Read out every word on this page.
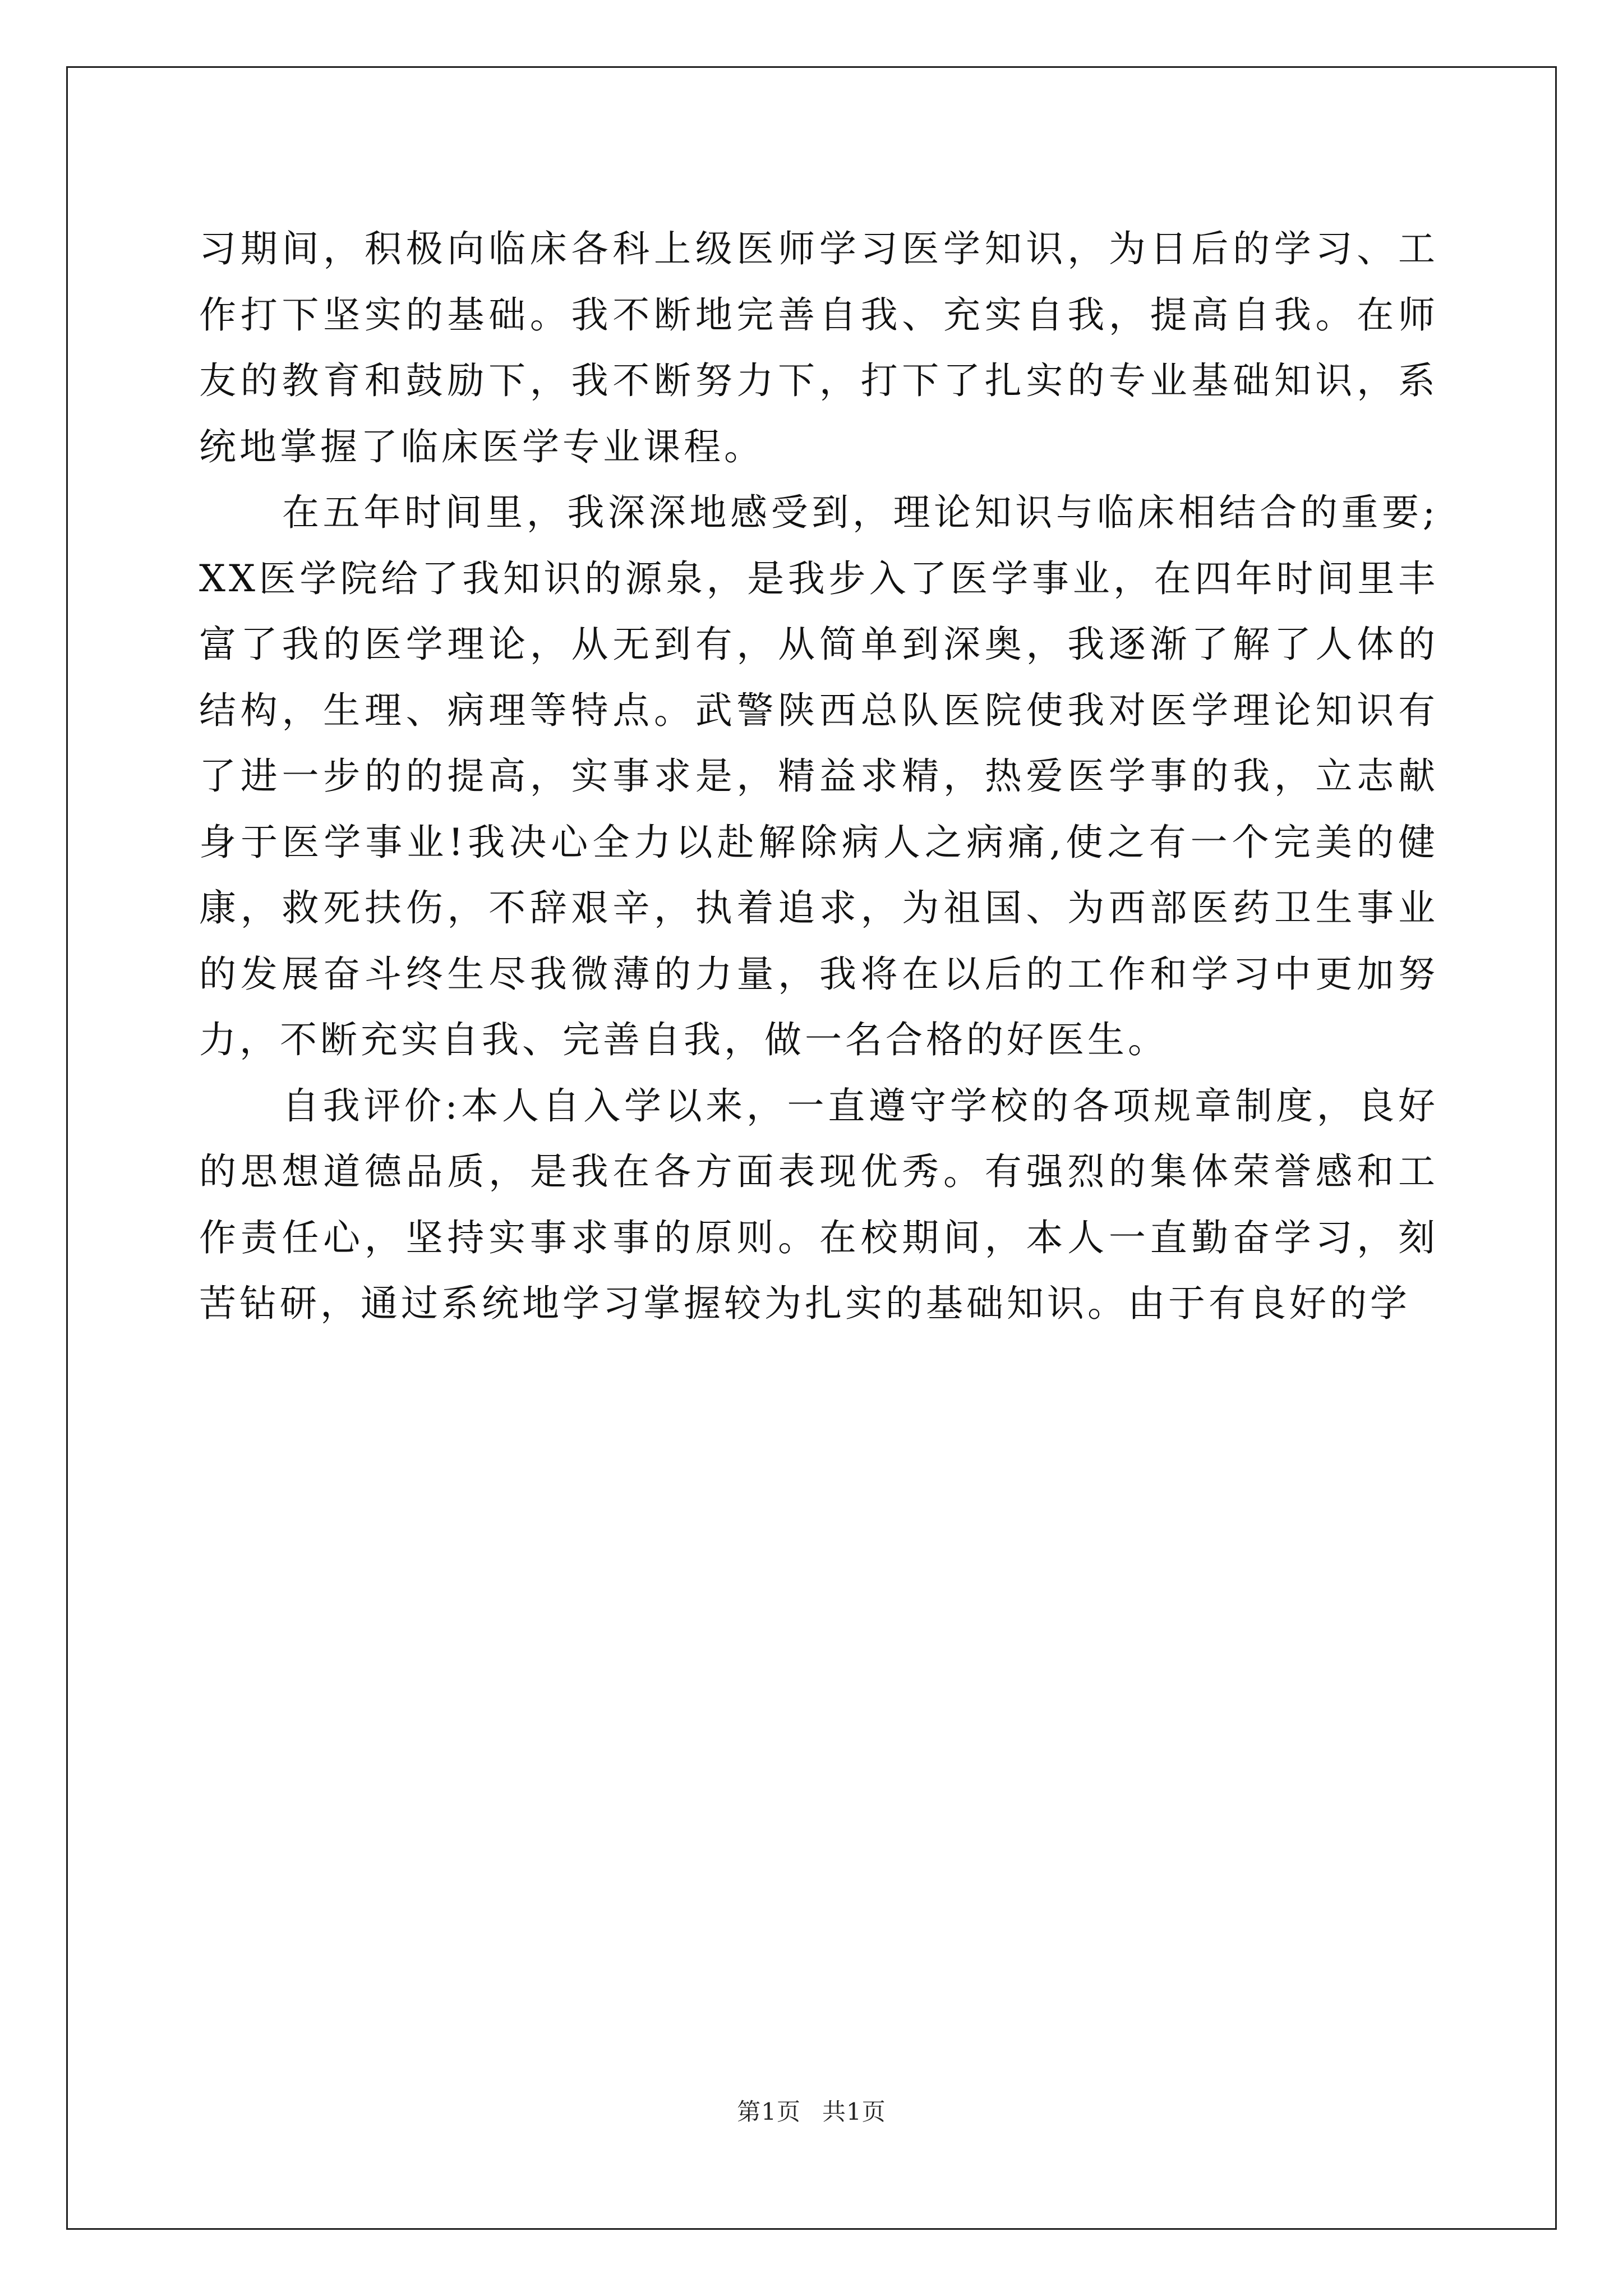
习期间，积极向临床各科上级医师学习医学知识，为日后的学习、工作打下坚实的基础。我不断地完善自我、充实自我，提高自我。在师友的教育和鼓励下，我不断努力下，打下了扎实的专业基础知识，系统地掌握了临床医学专业课程。

在五年时间里，我深深地感受到，理论知识与临床相结合的重要;XX医学院给了我知识的源泉，是我步入了医学事业，在四年时间里丰富了我的医学理论，从无到有，从简单到深奥，我逐渐了解了人体的结构，生理、病理等特点。武警陕西总队医院使我对医学理论知识有了进一步的的提高，实事求是，精益求精，热爱医学事的我，立志献身于医学事业!我决心全力以赴解除病人之病痛,使之有一个完美的健康，救死扶伤，不辞艰辛，执着追求，为祖国、为西部医药卫生事业的发展奋斗终生尽我微薄的力量，我将在以后的工作和学习中更加努力，不断充实自我、完善自我，做一名合格的好医生。

自我评价:本人自入学以来，一直遵守学校的各项规章制度，良好的思想道德品质，是我在各方面表现优秀。有强烈的集体荣誉感和工作责任心，坚持实事求事的原则。在校期间，本人一直勤奋学习，刻苦钻研，通过系统地学习掌握较为扎实的基础知识。由于有良好的学

第1页 共1页
